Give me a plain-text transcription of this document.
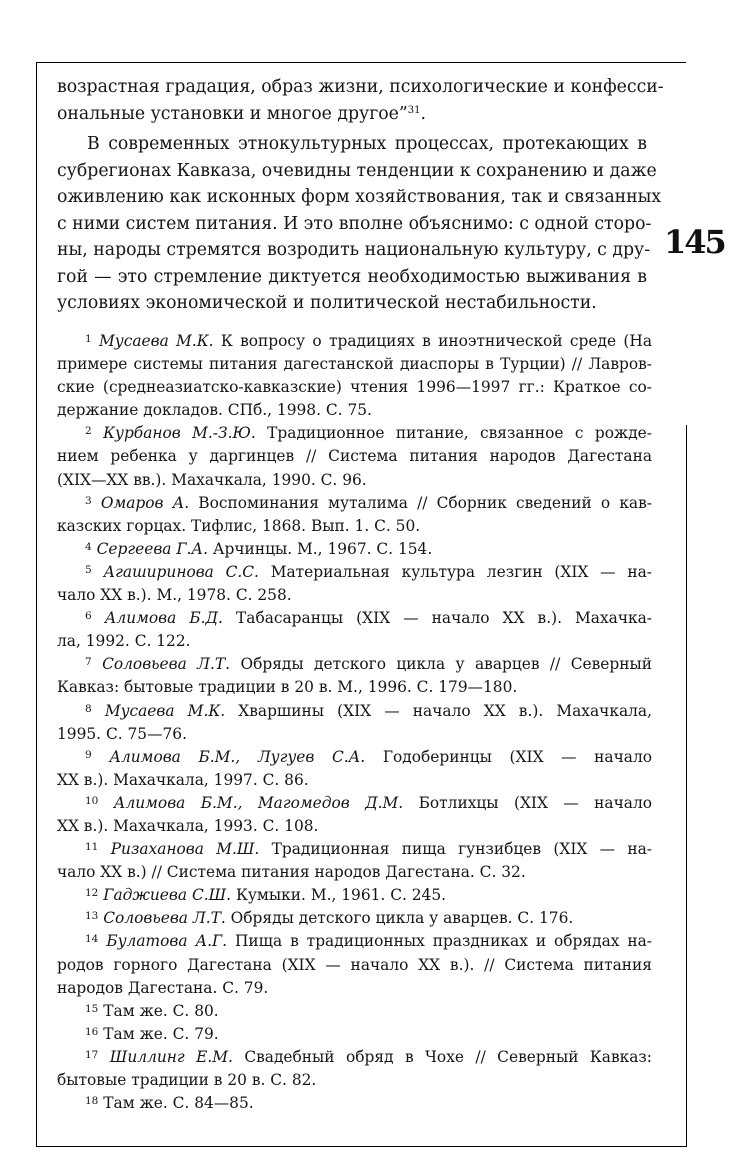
145

возрастная градация, образ жизни, психологические и конфесси-
ональные установки и многое другое”$^{31}$.

В современных этнокультурных процессах, протекающих в
субрегионах Кавказа, очевидны тенденции к сохранению и даже
оживлению как исконных форм хозяйствования, так и связанных
с ними систем питания. И это вполне объяснимо: с одной сторо-
ны, народы стремятся возродить национальную культуру, с дру-
гой — это стремление диктуется необходимостью выживания в
условиях экономической и политической нестабильности.

$^1$ Мусаева М.К. К вопросу о традициях в иноэтнической среде (На
примере системы питания дагестанской диаспоры в Турции) // Лавров-
ские (среднеазиатско-кавказские) чтения 1996—1997 гг.: Краткое со-
держание докладов. СПб., 1998. С. 75.
$^2$ Курбанов М.-З.Ю. Традиционное питание, связанное с рожде-
нием ребенка у даргинцев // Система питания народов Дагестана
(XIX—XX вв.). Махачкала, 1990. С. 96.
$^3$ Омаров А. Воспоминания муталима // Сборник сведений о кав-
казских горцах. Тифлис, 1868. Вып. 1. С. 50.
$^4$ Сергеева Г.А. Арчинцы. М., 1967. С. 154.
$^5$ Агаширинова С.С. Материальная культура лезгин (XIX — на-
чало XX в.). М., 1978. С. 258.
$^6$ Алимова Б.Д. Табасаранцы (XIX — начало XX в.). Махачка-
ла, 1992. С. 122.
$^7$ Соловьева Л.Т. Обряды детского цикла у аварцев // Северный
Кавказ: бытовые традиции в 20 в. М., 1996. С. 179—180.
$^8$ Мусаева М.К. Хваршины (XIX — начало XX в.). Махачкала,
1995. С. 75—76.
$^9$ Алимова Б.М., Лугуев С.А. Годоберинцы (XIX — начало
XX в.). Махачкала, 1997. С. 86.
$^{10}$ Алимова Б.М., Магомедов Д.М. Ботлихцы (XIX — начало
XX в.). Махачкала, 1993. С. 108.
$^{11}$ Ризаханова М.Ш. Традиционная пища гунзибцев (XIX — на-
чало XX в.) // Система питания народов Дагестана. С. 32.
$^{12}$ Гаджиева С.Ш. Кумыки. М., 1961. С. 245.
$^{13}$ Соловьева Л.Т. Обряды детского цикла у аварцев. С. 176.
$^{14}$ Булатова А.Г. Пища в традиционных праздниках и обрядах на-
родов горного Дагестана (XIX — начало XX в.). // Система питания
народов Дагестана. С. 79.
$^{15}$ Там же. С. 80.
$^{16}$ Там же. С. 79.
$^{17}$ Шиллинг Е.М. Свадебный обряд в Чохе // Северный Кавказ:
бытовые традиции в 20 в. С. 82.
$^{18}$ Там же. С. 84—85.
